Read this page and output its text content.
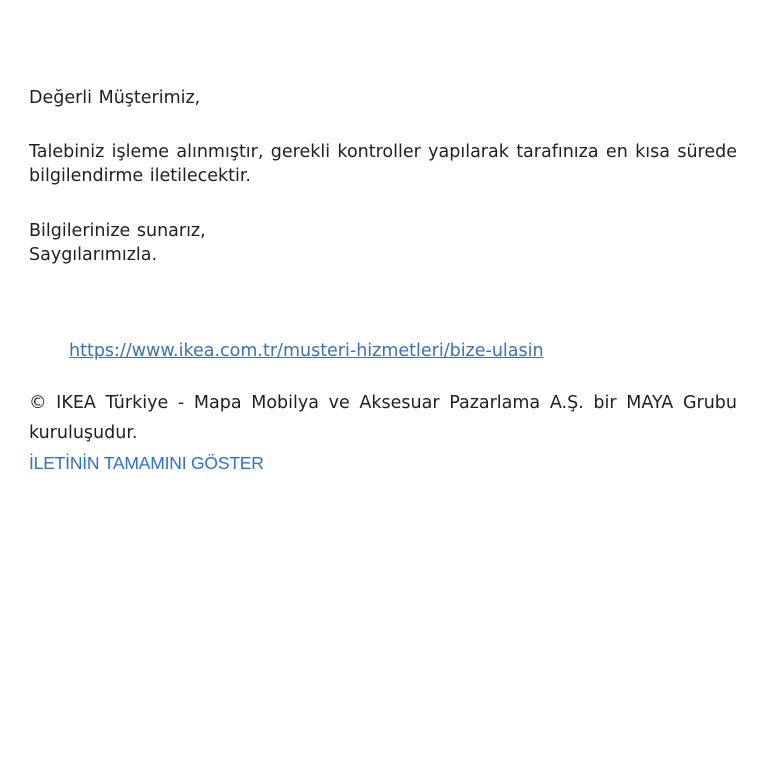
Değerli Müşterimiz,

Talebiniz işleme alınmıştır, gerekli kontroller yapılarak tarafınıza en kısa sürede bilgilendirme iletilecektir.

Bilgilerinize sunarız,
Saygılarımızla.
https://www.ikea.com.tr/musteri-hizmetleri/bize-ulasin

© IKEA Türkiye - Mapa Mobilya ve Aksesuar Pazarlama A.Ş. bir MAYA Grubu kuruluşudur.

İLETİNİN TAMAMINI GÖSTER
